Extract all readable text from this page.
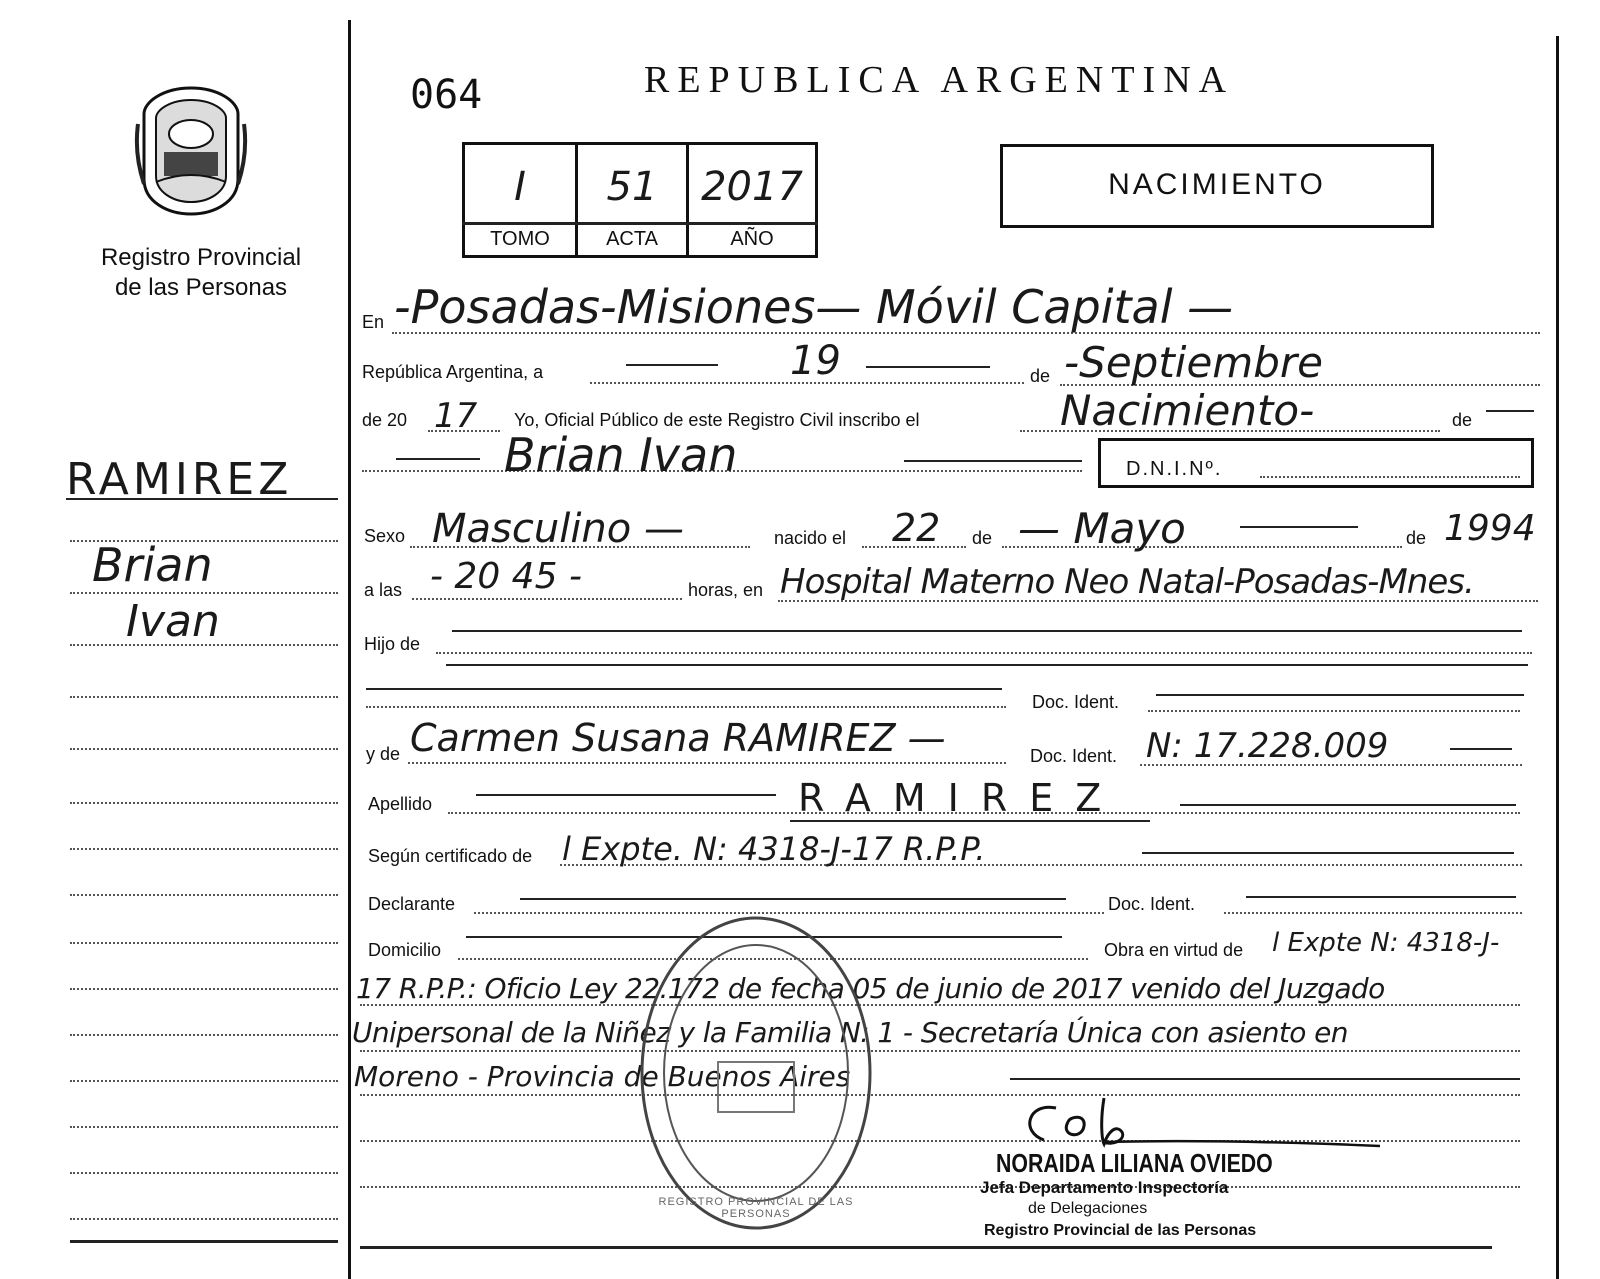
Registro Provincial
de las Personas
064	REPUBLICA ARGENTINA
I	51	2017
TOMO	ACTA	AÑO
NACIMIENTO
RAMIREZ
Brian
Ivan
En -Posadas-Misiones— Móvil Capital —
República Argentina, a	19	de -Septiembre
de 20 17 Yo, Oficial Público de este Registro Civil inscribo el	Nacimiento-	de
Brian Ivan	D.N.I.Nº.
Sexo Masculino —	nacido el 22 de — Mayo	de 1994
a las - 20 45 -	horas, en Hospital Materno Neo Natal-Posadas-Mnes.
Hijo de
Doc. Ident.
y de Carmen Susana RAMIREZ —	Doc. Ident. N: 17.228.009
Apellido	RAMIREZ
Según certificado de l Expte. N: 4318-J-17 R.P.P.
Declarante	Doc. Ident.
Domicilio	Obra en virtud de l Expte N: 4318-J-
17 R.P.P.: Oficio Ley 22.172 de fecha 05 de junio de 2017 venido del Juzgado
Unipersonal de la Niñez y la Familia N: 1 - Secretaría Única con asiento en
Moreno - Provincia de Buenos Aires
REGISTRO PROVINCIAL DE LAS PERSONAS
NORAIDA LILIANA OVIEDO
Jefa Departamento Inspectoría
de Delegaciones
Registro Provincial de las Personas
